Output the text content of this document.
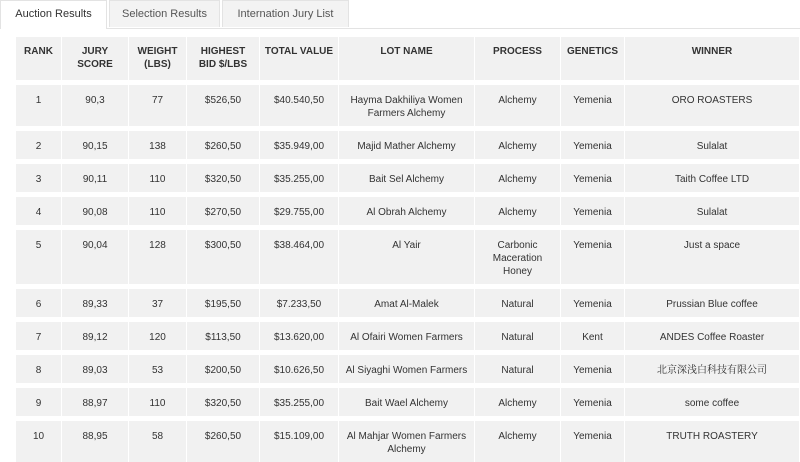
Auction Results	Selection Results	Internation Jury List
RANK	JURY SCORE	WEIGHT (LBS)	HIGHEST BID $/LBS	TOTAL VALUE	LOT NAME	PROCESS	GENETICS	WINNER
1	90,3	77	$526,50	$40.540,50	Hayma Dakhiliya Women Farmers Alchemy	Alchemy	Yemenia	ORO ROASTERS
2	90,15	138	$260,50	$35.949,00	Majid Mather Alchemy	Alchemy	Yemenia	Sulalat
3	90,11	110	$320,50	$35.255,00	Bait Sel Alchemy	Alchemy	Yemenia	Taith Coffee LTD
4	90,08	110	$270,50	$29.755,00	Al Obrah Alchemy	Alchemy	Yemenia	Sulalat
5	90,04	128	$300,50	$38.464,00	Al Yair	Carbonic Maceration Honey	Yemenia	Just a space
6	89,33	37	$195,50	$7.233,50	Amat Al-Malek	Natural	Yemenia	Prussian Blue coffee
7	89,12	120	$113,50	$13.620,00	Al Ofairi Women Farmers	Natural	Kent	ANDES Coffee Roaster
8	89,03	53	$200,50	$10.626,50	Al Siyaghi Women Farmers	Natural	Yemenia	北京深浅白科技有限公司
9	88,97	110	$320,50	$35.255,00	Bait Wael Alchemy	Alchemy	Yemenia	some coffee
10	88,95	58	$260,50	$15.109,00	Al Mahjar Women Farmers Alchemy	Alchemy	Yemenia	TRUTH ROASTERY
